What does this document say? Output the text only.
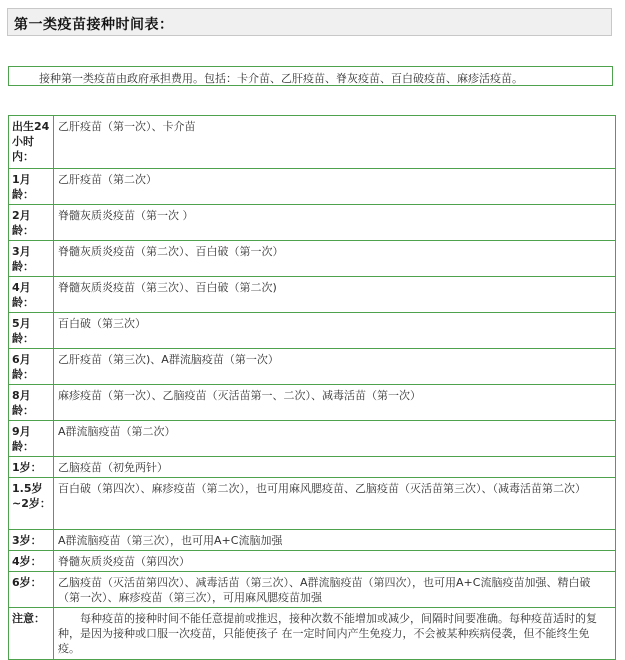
第一类疫苗接种时间表：
接种第一类疫苗由政府承担费用。包括：卡介苗、乙肝疫苗、脊灰疫苗、百白破疫苗、麻疹活疫苗。
出生24小时内：	乙肝疫苗（第一次）、卡介苗
1月龄：	乙肝疫苗（第二次）
2月龄：	脊髓灰质炎疫苗（第一次 ）
3月龄：	脊髓灰质炎疫苗（第二次）、百白破（第一次）
4月龄：	脊髓灰质炎疫苗（第三次）、百白破（第二次)
5月龄：	百白破（第三次）
6月龄：	乙肝疫苗（第三次)、A群流脑疫苗（第一次）
8月龄：	麻疹疫苗（第一次）、乙脑疫苗（灭活苗第一、二次）、减毒活苗（第一次）
9月龄：	A群流脑疫苗（第二次）
1岁：	乙脑疫苗（初免两针）
1.5岁~2岁：	百白破（第四次）、麻疹疫苗（第二次），也可用麻风腮疫苗、乙脑疫苗（灭活苗第三次）、（减毒活苗第二次）
3岁：	A群流脑疫苗（第三次），也可用A+C流脑加强
4岁：	脊髓灰质炎疫苗（第四次）
6岁：	乙脑疫苗（灭活苗第四次）、减毒活苗（第三次）、A群流脑疫苗（第四次），也可用A+C流脑疫苗加强、精白破（第一次）、麻疹疫苗（第三次），可用麻风腮疫苗加强
注意：	　　每种疫苗的接种时间不能任意提前或推迟，接种次数不能增加或减少，间隔时间要准确。每种疫苗适时的复种，是因为接种或口服一次疫苗，只能使孩子 在一定时间内产生免疫力，不会被某种疾病侵袭，但不能终生免疫。
